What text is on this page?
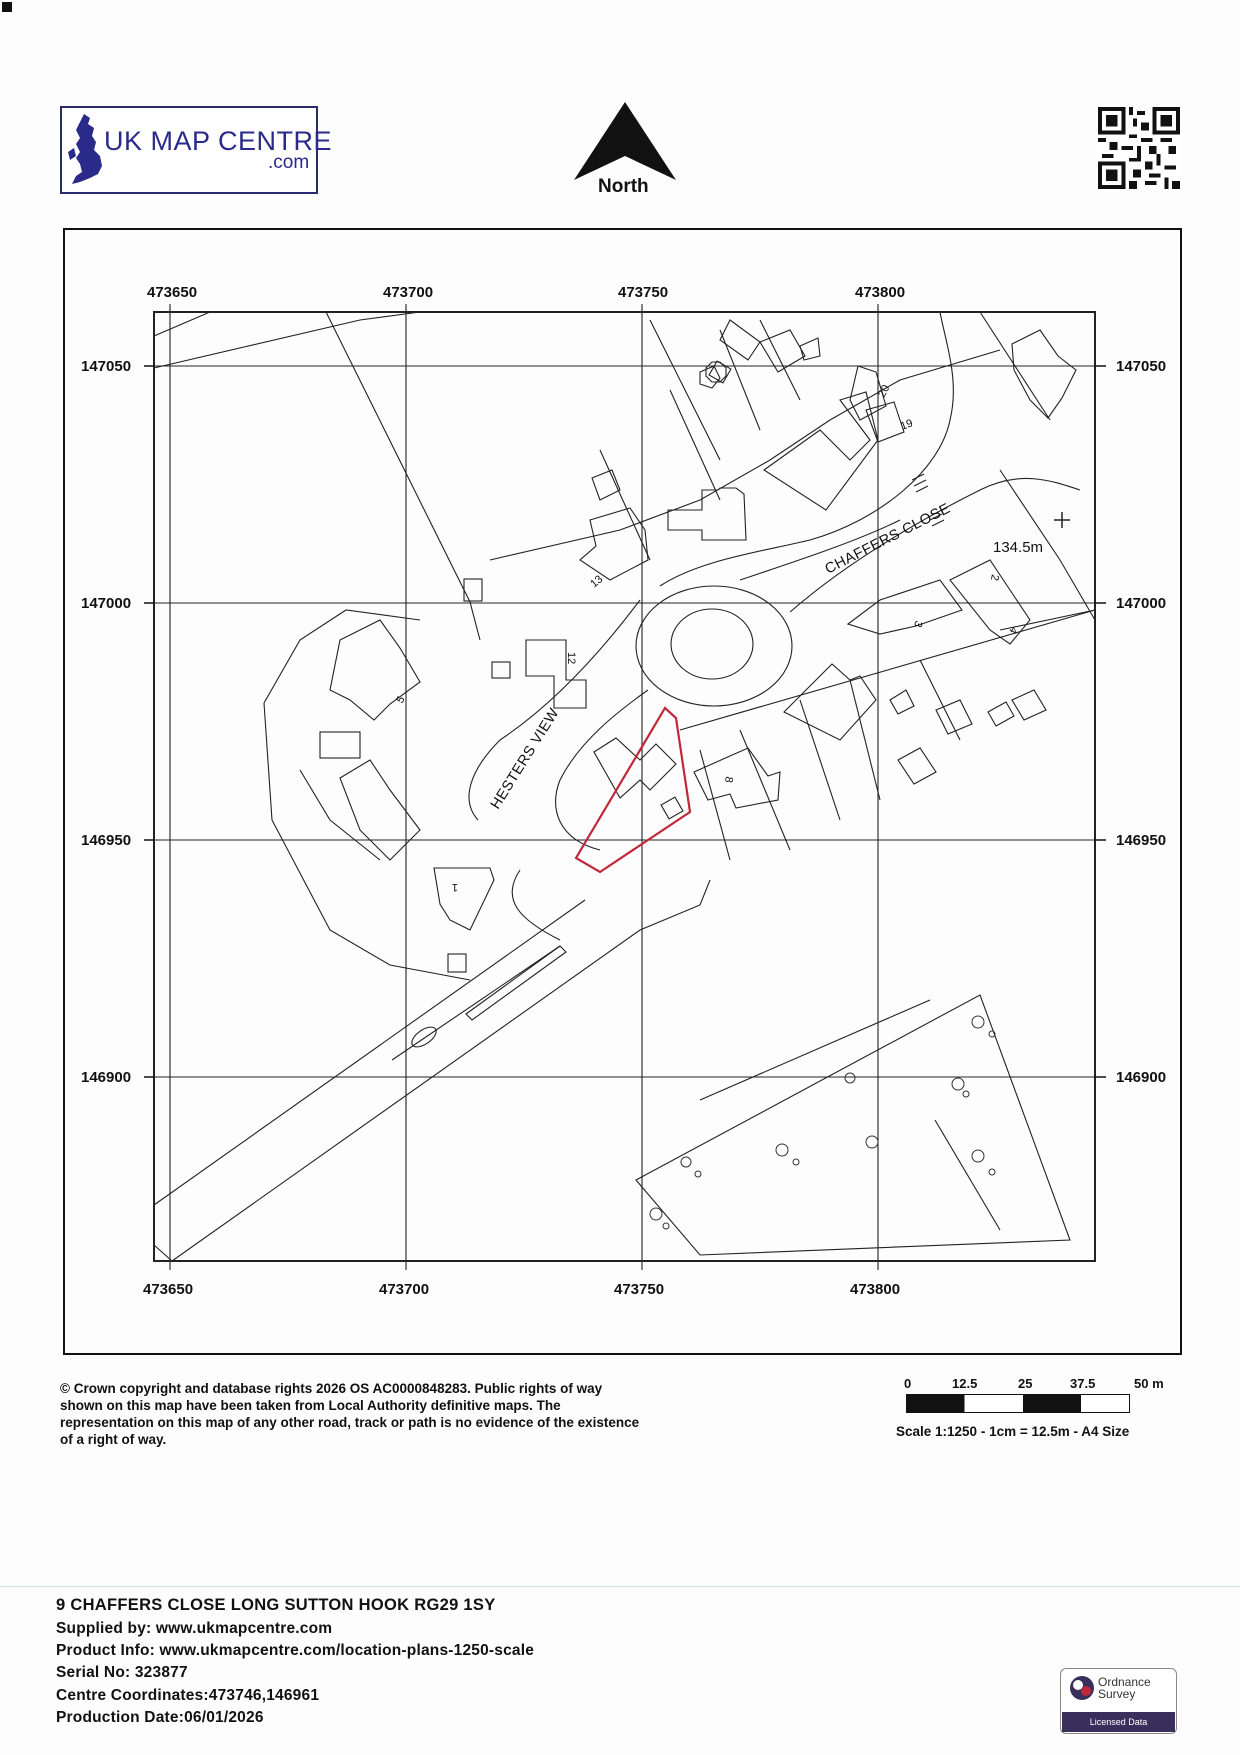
UK MAP CENTRE
.com
North
473650	473700	473750	473800
473650	473700	473750	473800
147050
147000
146950
146900
147050
147000
146950
146900
CHAFFERS CLOSE
HESTERS VIEW
134.5m
20
19
13
12
5
1
8
3
2
4
© Crown copyright and database rights 2026 OS AC0000848283. Public rights of way shown on this map have been taken from Local Authority definitive maps. The representation on this map of any other road, track or path is no evidence of the existence of a right of way.
0	12.5	25	37.5	50 m
Scale 1:1250 - 1cm = 12.5m - A4 Size
9 CHAFFERS CLOSE LONG SUTTON HOOK RG29 1SY
Supplied by: www.ukmapcentre.com
Product Info: www.ukmapcentre.com/location-plans-1250-scale
Serial No: 323877
Centre Coordinates:473746,146961
Production Date:06/01/2026
Ordnance
Survey
Licensed Data
